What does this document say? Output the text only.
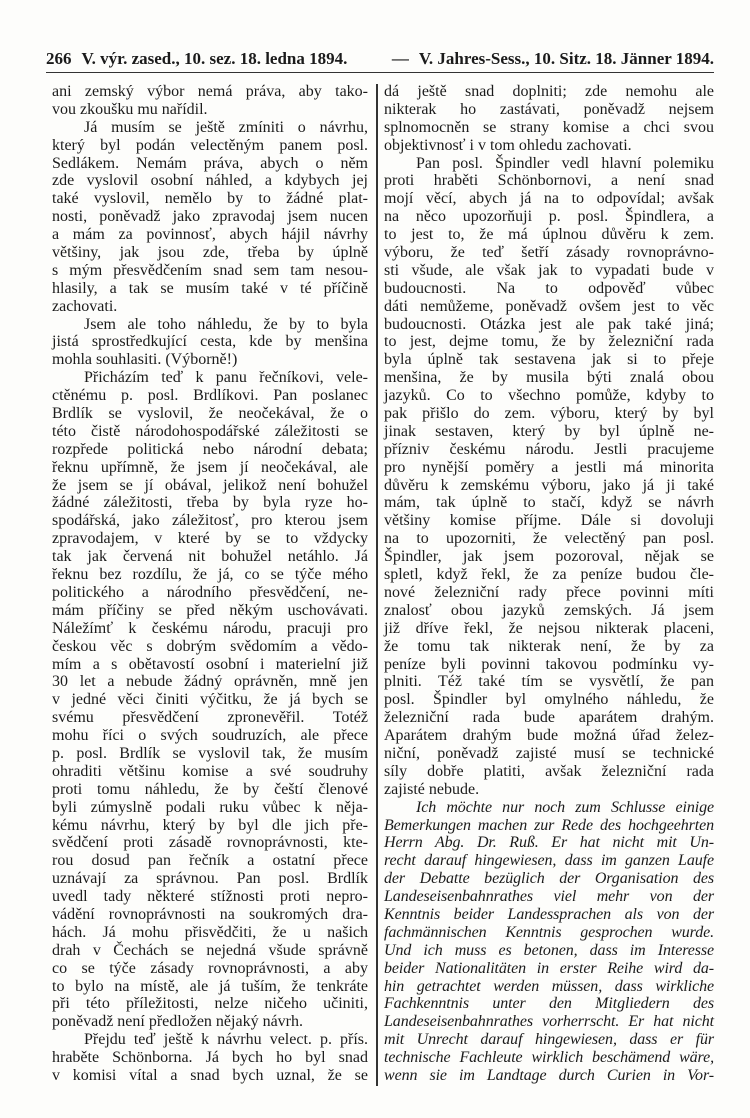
266 V. výr. zased., 10. sez. 18. ledna 1894.	— V. Jahres-Sess., 10. Sitz. 18. Jänner 1894.
ani zemský výbor nemá práva, aby tako-
vou zkoušku mu nařídil.
Já musím se ještě zmíniti o návrhu,
který byl podán velectěným panem posl.
Sedlákem. Nemám práva, abych o něm
zde vyslovil osobní náhled, a kdybych jej
také vyslovil, nemělo by to žádné plat-
nosti, poněvadž jako zpravodaj jsem nucen
a mám za povinnosť, abych hájil návrhy
většiny, jak jsou zde, třeba by úplně
s mým přesvědčením snad sem tam nesou-
hlasily, a tak se musím také v té příčině
zachovati.
Jsem ale toho náhledu, že by to byla
jistá sprostředkující cesta, kde by menšina
mohla souhlasiti. (Výborně!)
Přicházím teď k panu řečníkovi, vele-
ctěnému p. posl. Brdlíkovi. Pan poslanec
Brdlík se vyslovil, že neočekával, že o
této čistě národohospodářské záležitosti se
rozpřede politická nebo národní debata;
řeknu upřímně, že jsem jí neočekával, ale
že jsem se jí obával, jelikož není bohužel
žádné záležitosti, třeba by byla ryze ho-
spodářská, jako záležitosť, pro kterou jsem
zpravodajem, v které by se to vždycky
tak jak červená nit bohužel netáhlo. Já
řeknu bez rozdílu, že já, co se týče mého
politického a národního přesvědčení, ne-
mám příčiny se před někým uschovávati.
Náležímť k českému národu, pracuji pro
českou věc s dobrým svědomím a vědo-
mím a s obětavostí osobní i materielní již
30 let a nebude žádný oprávněn, mně jen
v jedné věci činiti výčitku, že já bych se
svému přesvědčení zpronevěřil. Totéž
mohu říci o svých soudruzích, ale přece
p. posl. Brdlík se vyslovil tak, že musím
ohraditi většinu komise a své soudruhy
proti tomu náhledu, že by čeští členové
byli zúmyslně podali ruku vůbec k něja-
kému návrhu, který by byl dle jich pře-
svědčení proti zásadě rovnoprávnosti, kte-
rou dosud pan řečník a ostatní přece
uznávají za správnou. Pan posl. Brdlík
uvedl tady některé stížnosti proti nepro-
vádění rovnoprávnosti na soukromých dra-
hách. Já mohu přisvědčiti, že u našich
drah v Čechách se nejedná všude správně
co se týče zásady rovnoprávnosti, a aby
to bylo na místě, ale já tuším, že tenkráte
při této příležitosti, nelze ničeho učiniti,
poněvadž není předložen nějaký návrh.
Přejdu teď ještě k návrhu velect. p. přís.
hraběte Schönborna. Já bych ho byl snad
v komisi vítal a snad bych uznal, že se
dá ještě snad doplniti; zde nemohu ale
nikterak ho zastávati, poněvadž nejsem
splnomocněn se strany komise a chci svou
objektivnosť i v tom ohledu zachovati.
Pan posl. Špindler vedl hlavní polemiku
proti hraběti Schönbornovi, a není snad
mojí věcí, abych já na to odpovídal; avšak
na něco upozorňuji p. posl. Špindlera, a
to jest to, že má úplnou důvěru k zem.
výboru, že teď šetří zásady rovnoprávno-
sti všude, ale však jak to vypadati bude v
budoucnosti. Na to odpověď vůbec
dáti nemůžeme, poněvadž ovšem jest to věc
budoucnosti. Otázka jest ale pak také jiná;
to jest, dejme tomu, že by železniční rada
byla úplně tak sestavena jak si to přeje
menšina, že by musila býti znalá obou
jazyků. Co to všechno pomůže, kdyby to
pak přišlo do zem. výboru, který by byl
jinak sestaven, který by byl úplně ne-
přízniv českému národu. Jestli pracujeme
pro nynější poměry a jestli má minorita
důvěru k zemskému výboru, jako já ji také
mám, tak úplně to stačí, když se návrh
většiny komise příjme. Dále si dovoluji
na to upozorniti, že velectěný pan posl.
Špindler, jak jsem pozoroval, nějak se
spletl, když řekl, že za peníze budou čle-
nové železniční rady přece povinni míti
znalosť obou jazyků zemských. Já jsem
již dříve řekl, že nejsou nikterak placeni,
že tomu tak nikterak není, že by za
peníze byli povinni takovou podmínku vy-
plniti. Též také tím se vysvětlí, že pan
posl. Špindler byl omylného náhledu, že
železniční rada bude aparátem drahým.
Aparátem drahým bude možná úřad želez-
niční, poněvadž zajisté musí se technické
síly dobře platiti, avšak železniční rada
zajisté nebude.
Ich möchte nur noch zum Schlusse einige
Bemerkungen machen zur Rede des hochgeehrten
Herrn Abg. Dr. Ruß. Er hat nicht mit Un-
recht darauf hingewiesen, dass im ganzen Laufe
der Debatte bezüglich der Organisation des
Landeseisenbahnrathes viel mehr von der
Kenntnis beider Landessprachen als von der
fachmännischen Kenntnis gesprochen wurde.
Und ich muss es betonen, dass im Interesse
beider Nationalitäten in erster Reihe wird da-
hin getrachtet werden müssen, dass wirkliche
Fachkenntnis unter den Mitgliedern des
Landeseisenbahnrathes vorherrscht. Er hat nicht
mit Unrecht darauf hingewiesen, dass er für
technische Fachleute wirklich beschämend wäre,
wenn sie im Landtage durch Curien in Vor-
